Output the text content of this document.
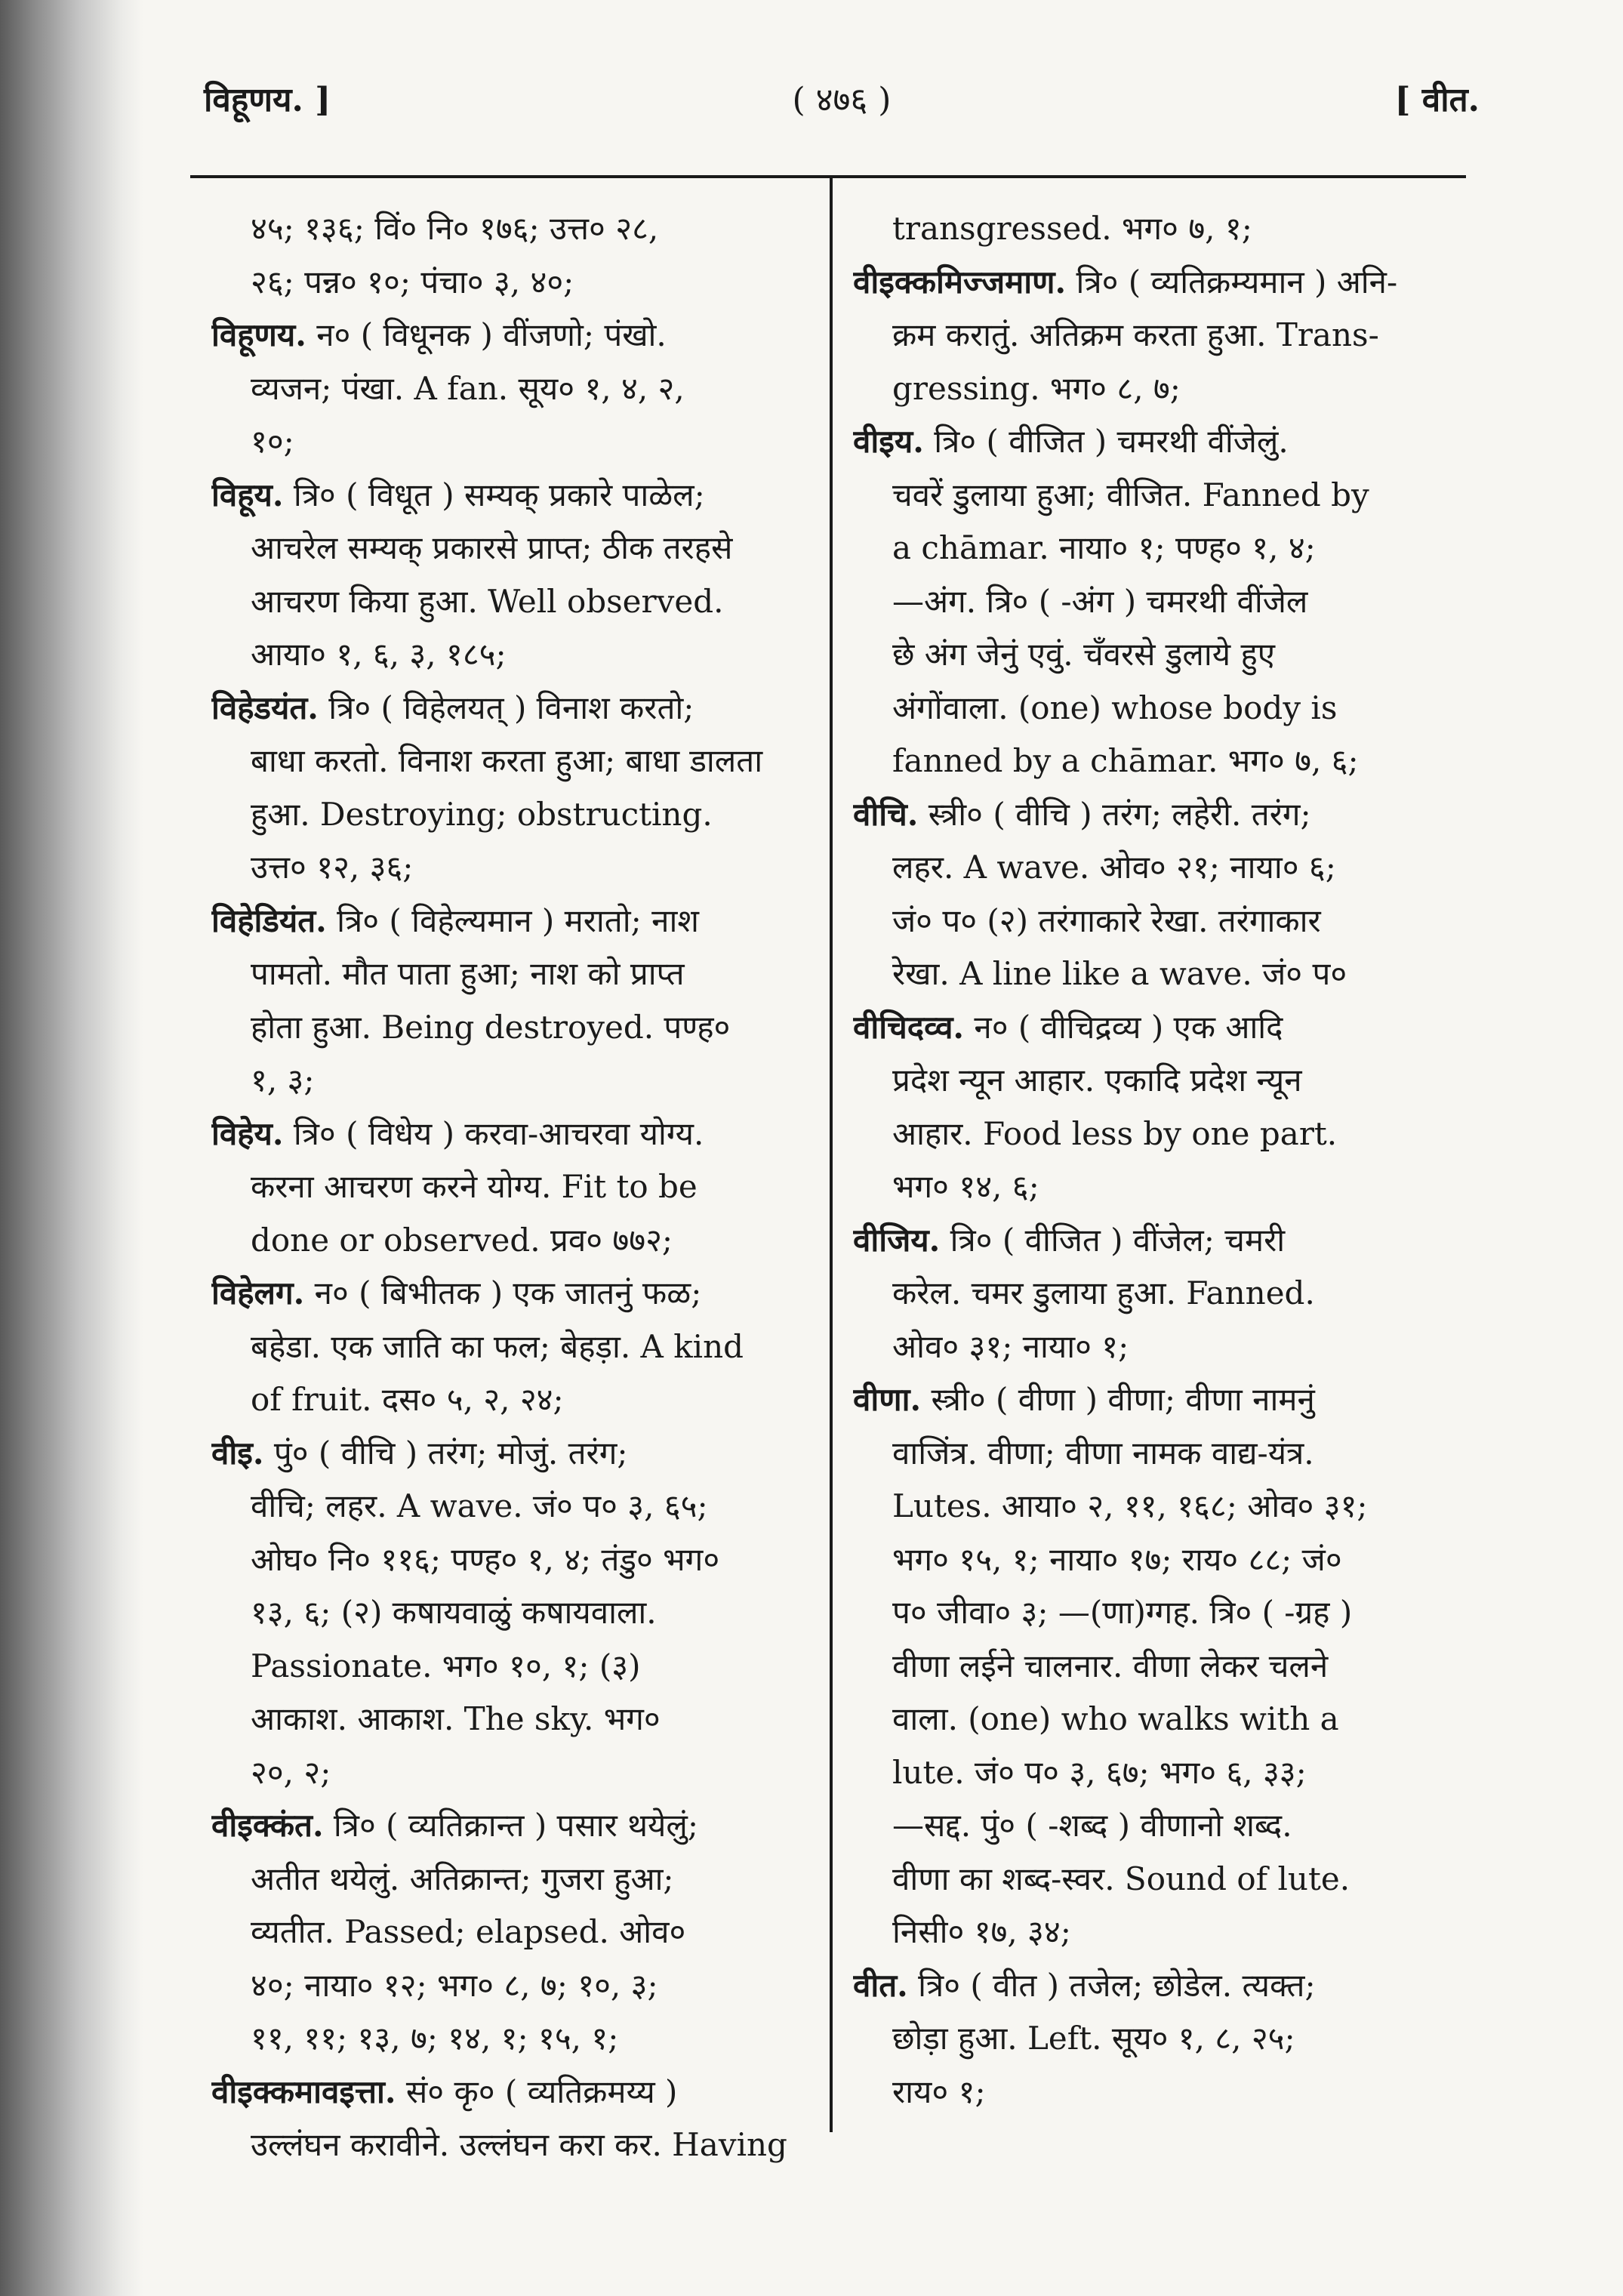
विहूणय. ]	( ४७६ )	[ वीत.
४५; १३६; विं० नि० १७६; उत्त० २८,
२६; पन्न० १०; पंचा० ३, ४०;
विहूणय. न० ( विधूनक ) वींजणो; पंखो.
व्यजन; पंखा. A fan. सूय० १, ४, २,
१०;
विहूय. त्रि० ( विधूत ) सम्यक् प्रकारे पाळेल;
आचरेल सम्यक् प्रकारसे प्राप्त; ठीक तरहसे
आचरण किया हुआ. Well observed.
आया० १, ६, ३, १८५;
विहेडयंत. त्रि० ( विहेलयत् ) विनाश करतो;
बाधा करतो. विनाश करता हुआ; बाधा डालता
हुआ. Destroying; obstructing.
उत्त० १२, ३६;
विहेडियंत. त्रि० ( विहेल्यमान ) मरातो; नाश
पामतो. मौत पाता हुआ; नाश को प्राप्त
होता हुआ. Being destroyed. पण्ह०
१, ३;
विहेय. त्रि० ( विधेय ) करवा-आचरवा योग्य.
करना आचरण करने योग्य. Fit to be
done or observed. प्रव० ७७२;
विहेलग. न० ( बिभीतक ) एक जातनुं फळ;
बहेडा. एक जाति का फल; बेहड़ा. A kind
of fruit. दस० ५, २, २४;
वीइ. पुं० ( वीचि ) तरंग; मोजुं. तरंग;
वीचि; लहर. A wave. जं० प० ३, ६५;
ओघ० नि० ११६; पण्ह० १, ४; तंडु० भग०
१३, ६; (२) कषायवाळुं कषायवाला.
Passionate. भग० १०, १; (३)
आकाश. आकाश. The sky. भग०
२०, २;
वीइक्कंत. त्रि० ( व्यतिक्रान्त ) पसार थयेलुं;
अतीत थयेलुं. अतिक्रान्त; गुजरा हुआ;
व्यतीत. Passed; elapsed. ओव०
४०; नाया० १२; भग० ८, ७; १०, ३;
११, ११; १३, ७; १४, १; १५, १;
वीइक्कमावइत्ता. सं० कृ० ( व्यतिक्रमय्य )
उल्लंघन करावीने. उल्लंघन करा कर. Having
transgressed. भग० ७, १;
वीइक्कमिज्जमाण. त्रि० ( व्यतिक्रम्यमान ) अनि-
क्रम करातुं. अतिक्रम करता हुआ. Trans-
gressing. भग० ८, ७;
वीइय. त्रि० ( वीजित ) चमरथी वींजेलुं.
चवरें डुलाया हुआ; वीजित. Fanned by
a chāmar. नाया० १; पण्ह० १, ४;
—अंग. त्रि० ( -अंग ) चमरथी वींजेल
छे अंग जेनुं एवुं. चँवरसे डुलाये हुए
अंगोंवाला. (one) whose body is
fanned by a chāmar. भग० ७, ६;
वीचि. स्त्री० ( वीचि ) तरंग; लहेरी. तरंग;
लहर. A wave. ओव० २१; नाया० ६;
जं० प० (२) तरंगाकारे रेखा. तरंगाकार
रेखा. A line like a wave. जं० प०
वीचिदव्व. न० ( वीचिद्रव्य ) एक आदि
प्रदेश न्यून आहार. एकादि प्रदेश न्यून
आहार. Food less by one part.
भग० १४, ६;
वीजिय. त्रि० ( वीजित ) वींजेल; चमरी
करेल. चमर डुलाया हुआ. Fanned.
ओव० ३१; नाया० १;
वीणा. स्त्री० ( वीणा ) वीणा; वीणा नामनुं
वाजिंत्र. वीणा; वीणा नामक वाद्य-यंत्र.
Lutes. आया० २, ११, १६८; ओव० ३१;
भग० १५, १; नाया० १७; राय० ८८; जं०
प० जीवा० ३; —(णा)ग्गह. त्रि० ( -ग्रह )
वीणा लईने चालनार. वीणा लेकर चलने
वाला. (one) who walks with a
lute. जं० प० ३, ६७; भग० ६, ३३;
—सद्द. पुं० ( -शब्द ) वीणानो शब्द.
वीणा का शब्द-स्वर. Sound of lute.
निसी० १७, ३४;
वीत. त्रि० ( वीत ) तजेल; छोडेल. त्यक्त;
छोड़ा हुआ. Left. सूय० १, ८, २५;
राय० १;
